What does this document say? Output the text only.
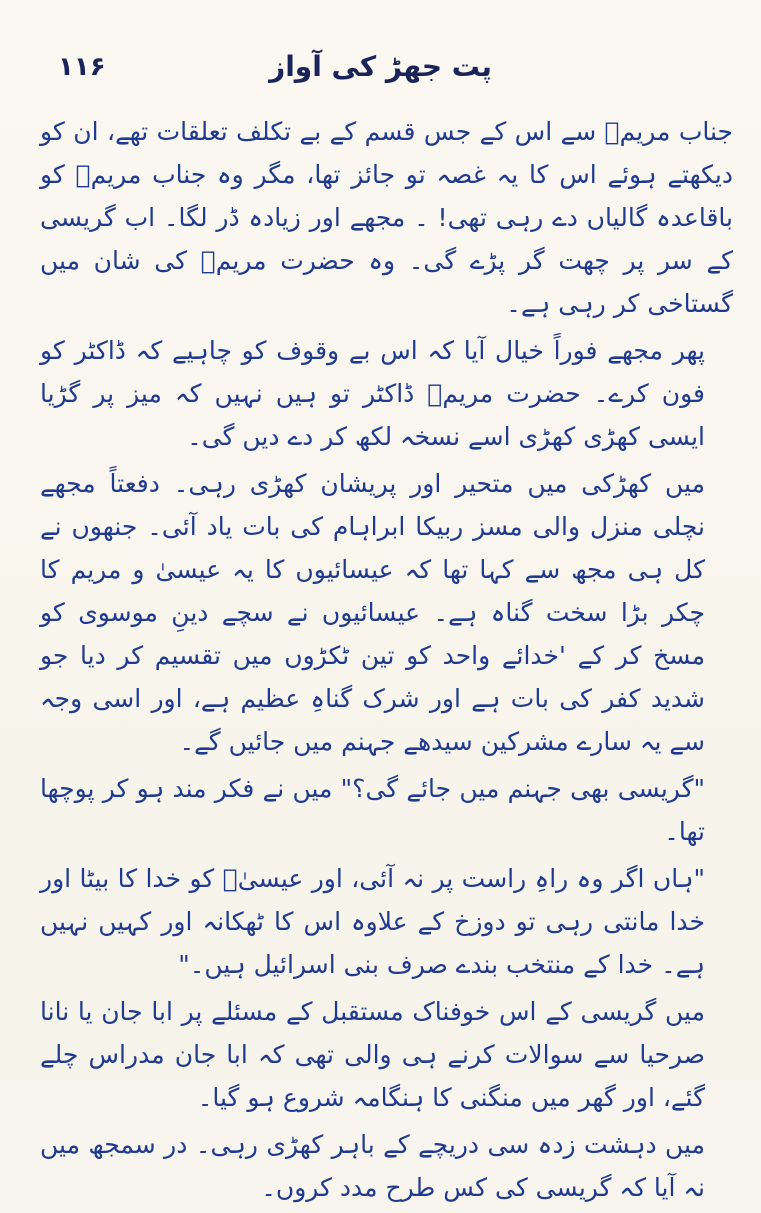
۱۱۶	پت جھڑ کی آواز

جناب مریمؑ سے اس کے جس قسم کے بے تکلف تعلقات تھے، ان کو دیکھتے ہوئے اس کا یہ غصہ تو جائز تھا، مگر وہ جناب مریمؑ کو باقاعدہ گالیاں دے رہی تھی! ۔ مجھے اور زیادہ ڈر لگا۔ اب گریسی کے سر پر چھت گر پڑے گی۔ وہ حضرت مریمؑ کی شان میں گستاخی کر رہی ہے۔

پھر مجھے فوراً خیال آیا کہ اس بے وقوف کو چاہیے کہ ڈاکٹر کو فون کرے۔ حضرت مریمؑ ڈاکٹر تو ہیں نہیں کہ میز پر گڑیا ایسی کھڑی کھڑی اسے نسخہ لکھ کر دے دیں گی۔

میں کھڑکی میں متحیر اور پریشان کھڑی رہی۔ دفعتاً مجھے نچلی منزل والی مسز ربیکا ابراہام کی بات یاد آئی۔ جنھوں نے کل ہی مجھ سے کہا تھا کہ عیسائیوں کا یہ عیسیٰ و مریم کا چکر بڑا سخت گناہ ہے۔ عیسائیوں نے سچے دینِ موسوی کو مسخ کر کے 'خدائے واحد کو تین ٹکڑوں میں تقسیم کر دیا جو شدید کفر کی بات ہے اور شرک گناہِ عظیم ہے، اور اسی وجہ سے یہ سارے مشرکین سیدھے جہنم میں جائیں گے۔

"گریسی بھی جہنم میں جائے گی؟" میں نے فکر مند ہو کر پوچھا تھا۔

"ہاں اگر وہ راہِ راست پر نہ آئی، اور عیسیٰؑ کو خدا کا بیٹا اور خدا مانتی رہی تو دوزخ کے علاوہ اس کا ٹھکانہ اور کہیں نہیں ہے۔ خدا کے منتخب بندے صرف بنی اسرائیل ہیں۔"

میں گریسی کے اس خوفناک مستقبل کے مسئلے پر ابا جان یا نانا صرحیا سے سوالات کرنے ہی والی تھی کہ ابا جان مدراس چلے گئے، اور گھر میں منگنی کا ہنگامہ شروع ہو گیا۔

میں دہشت زدہ سی دریچے کے باہر کھڑی رہی۔ در سمجھ میں نہ آیا کہ گریسی کی کس طرح مدد کروں۔
